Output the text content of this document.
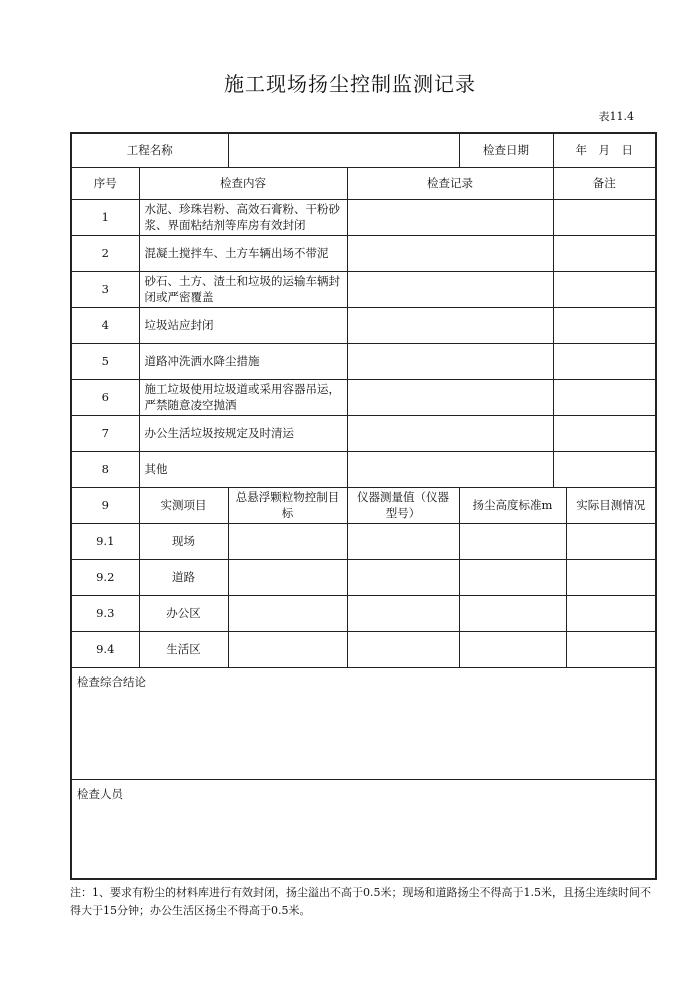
施工现场扬尘控制监测记录
表11.4
工程名称				检查日期	年　月　日	
序号	检查内容		检查记录		备注	
1	水泥、珍珠岩粉、高效石膏粉、干粉砂浆、界面粘结剂等库房有效封闭					
2	混凝土搅拌车、土方车辆出场不带泥					
3	砂石、土方、渣土和垃圾的运输车辆封闭或严密覆盖					
4	垃圾站应封闭					
5	道路冲洗洒水降尘措施					
6	施工垃圾使用垃圾道或采用容器吊运，严禁随意凌空抛洒					
7	办公生活垃圾按规定及时清运					
8	其他					
9	实测项目	总悬浮颗粒物控制目标	仪器测量值（仪器型号）	扬尘高度标准m		实际目测情况
9.1	现场					
9.2	道路					
9.3	办公区					
9.4	生活区					
检查综合结论						
检查人员						
注：1、要求有粉尘的材料库进行有效封闭，扬尘溢出不高于0.5米；现场和道路扬尘不得高于1.5米，且扬尘连续时间不得大于15分钟；办公生活区扬尘不得高于0.5米。
